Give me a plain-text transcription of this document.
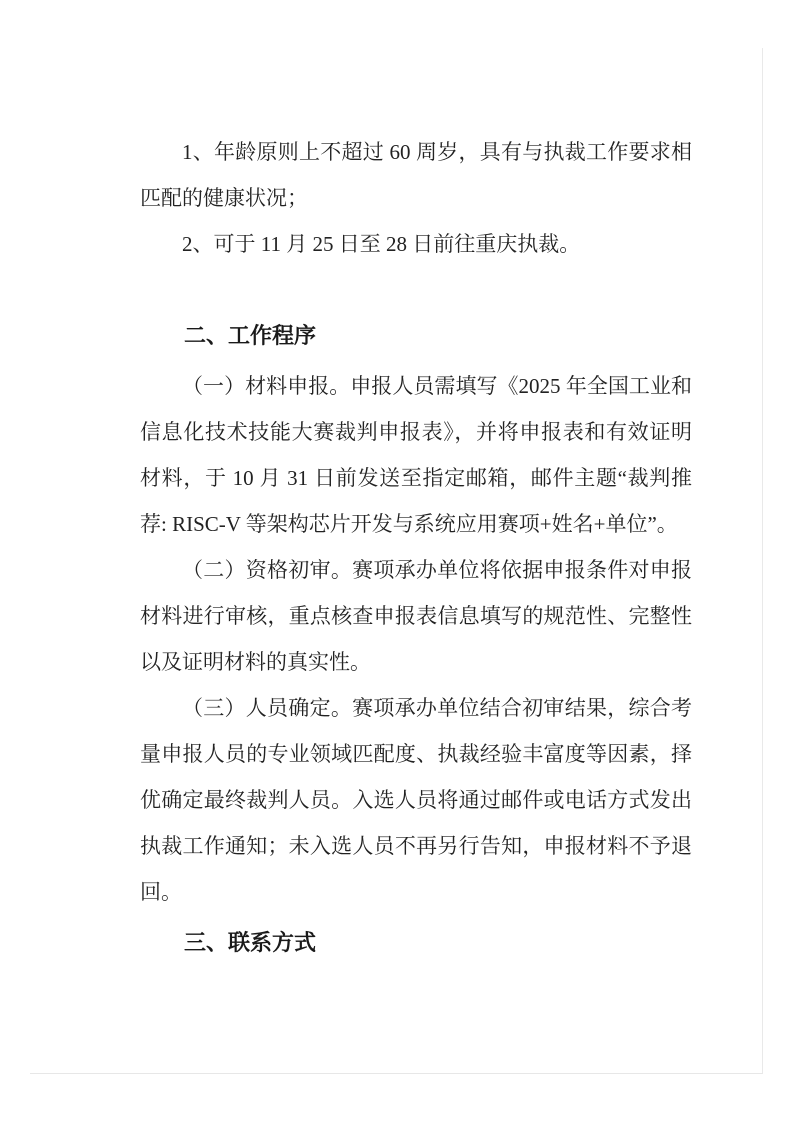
1、年龄原则上不超过 60 周岁，具有与执裁工作要求相匹配的健康状况；

2、可于 11 月 25 日至 28 日前往重庆执裁。

二、工作程序

（一）材料申报。申报人员需填写《2025 年全国工业和信息化技术技能大赛裁判申报表》，并将申报表和有效证明材料，于 10 月 31 日前发送至指定邮箱，邮件主题“裁判推荐: RISC-V 等架构芯片开发与系统应用赛项+姓名+单位”。

（二）资格初审。赛项承办单位将依据申报条件对申报材料进行审核，重点核查申报表信息填写的规范性、完整性以及证明材料的真实性。

（三）人员确定。赛项承办单位结合初审结果，综合考量申报人员的专业领域匹配度、执裁经验丰富度等因素，择优确定最终裁判人员。入选人员将通过邮件或电话方式发出执裁工作通知；未入选人员不再另行告知，申报材料不予退回。

三、联系方式
